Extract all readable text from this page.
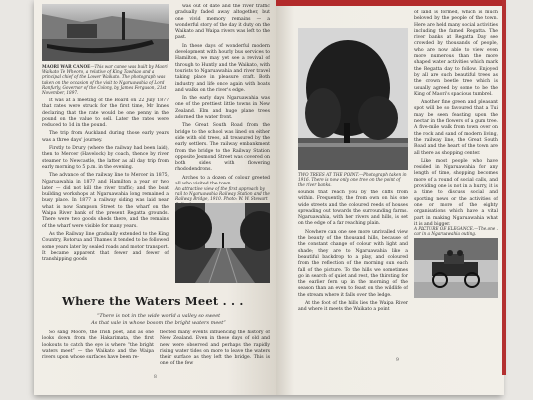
MAORI WAR CANOE—This war canoe was built by Maori Waikato Te Wheoro, a relative of King Tawhiao and a principal chief of the Lower Waikato. The photograph was taken on the occasion of the visit to Ngaruawahia of Lord Ranfurly, Governor of the Colony, by James Ferguson, 21st November, 1897.

It was at a meeting of the Board on 22 July 1877 that rates were struck for the first time, Mr Innes declaring that the rate would be one penny in the pound on the value to sell. Later the rates were reduced to 1d in the pound.

The trip from Auckland during those early years was a three days' journey.

Firstly to Drury (where the railway had been laid), then to Mercer (Havelock) by coach, thence by river steamer to Newcastle, the latter as all day trip from early morning to 5 p.m. in the evening.

The advance of the railway line to Mercer in 1875, Ngaruawahia in 1877 and Hamilton a year or two later — did not kill the river traffic; and the boat building workshops at Ngaruawahia long remained a busy place. In 1877 a railway siding was laid near what is now Sampson Street to the wharf on the Waipa River bank of the present Regatta grounds. There were two goods sheds there, and the remains of the wharf were visible for many years.

As the Railway line gradually extended to the King Country, Rotorua and Thames it tended to be followed some years later by sealed roads and motor transport. It became apparent that fewer and fewer of transhipping goods

was out of date and the river traffic gradually faded away altogether, but one vivid memory remains — a wonderful story of the day it duty on the Waikato and Waipa rivers was left to the past.

In these days of wonderful modern development with hourly bus services to Hamilton, we may yet see a revival of through to Huntly and the Waikato, with tourists to Ngaruawahia and river travel taking place in pleasure craft. Both industry and life once again with boats and walks on the river's edge.

In the early days Ngaruawahia was one of the prettiest little towns in New Zealand. Elm and huge plane trees adorned the water front.

The Great South Road from the bridge to the school was lined on either side with old trees, all treasured by the early settlers. The railway embankment from the bridge to the Railway Station opposite Jesmond Street was covered on both sides with flowering rhododendrons.

Arches to a dozen of colour greeted

An attractive view of the first approach by rail to Ngaruawahia Railway Station and the Railway Bridge, 1910. Photo: W. W. Stewart
Where the Waters Meet . . .
“There is not in the wide world a valley so sweet
As that vale in whose bosom the bright waters meet”

So sang Moore, the Irish poet, and as one looks down from the Hakarimata, the first lookouts to catch the eye is where “the bright waters meet” — the Waikato and the Waipa rivers upon whose surfaces have been re-

flected many events influencing the history of New Zealand. Even in these days of old and new were observed and perhaps the rapidly rising water tides on more to leave the waters their surface as they left the bridge. This is one of the few

8
TWO TREES AT THE POINT.—Photograph taken in 1916. There is now only one tree on the point of the river banks.

of land is formed, which is much beloved by the people of the town. Here are held many social activities including the famed Regatta. The river banks at Regatta Day see crowded by thousands of people, who are now able to view even more numerous than the more shaped water activities which mark the Regatta day to follow. Enjoyed by all are such beautiful trees as the crown beetle tree which is usually agreed by some to be the King of Maori's spacious tumbrel.

Another fine green and pleasant spot will be so favoured that a Tui may be seen feasting upon the nectar in the flowers of a gum tree. A five-mile walk from town over on the rock and sand of modern living, the railway line, the Great South Road and the heart of the town are all there as shopping center.

Like most people who have resided in Ngaruawahia for any length of time, shopping becomes more of a round of social calls, and providing one is not in a hurry, it is a time to discuss social and sporting news or the activities of one or more of the eighty organisations which have a vital part in making Ngaruawahia what it is and bigger.

sounds that reach you by the cliffs from within. Frequently, the from own on his one wide streets and the coloured reeds of houses spreading out towards the surrounding farms. Ngaruawahia, with her rivers and hills, is set on the edge of a far reaching plain.

Nowhere can one see more unrivalled view the beauty of the thousand hills, because of the constant change of colour with light and shade; they are to Ngaruawahia like a beautiful backdrop to a play, and coloured from the reflection of the morning sun each fall of the picture. To the hills we sometimes go in search of quiet and rest, the thirsting for the earlier fern up in the morning of the season than an even to feast on the wildlife of the stream where it falls over the ledge.

At the foot of the hills lies the Waipa River and where it meets the Waikato a point

A PICTURE OF ELEGANCE.—The one car in a Ngaruawahia outing.
9
